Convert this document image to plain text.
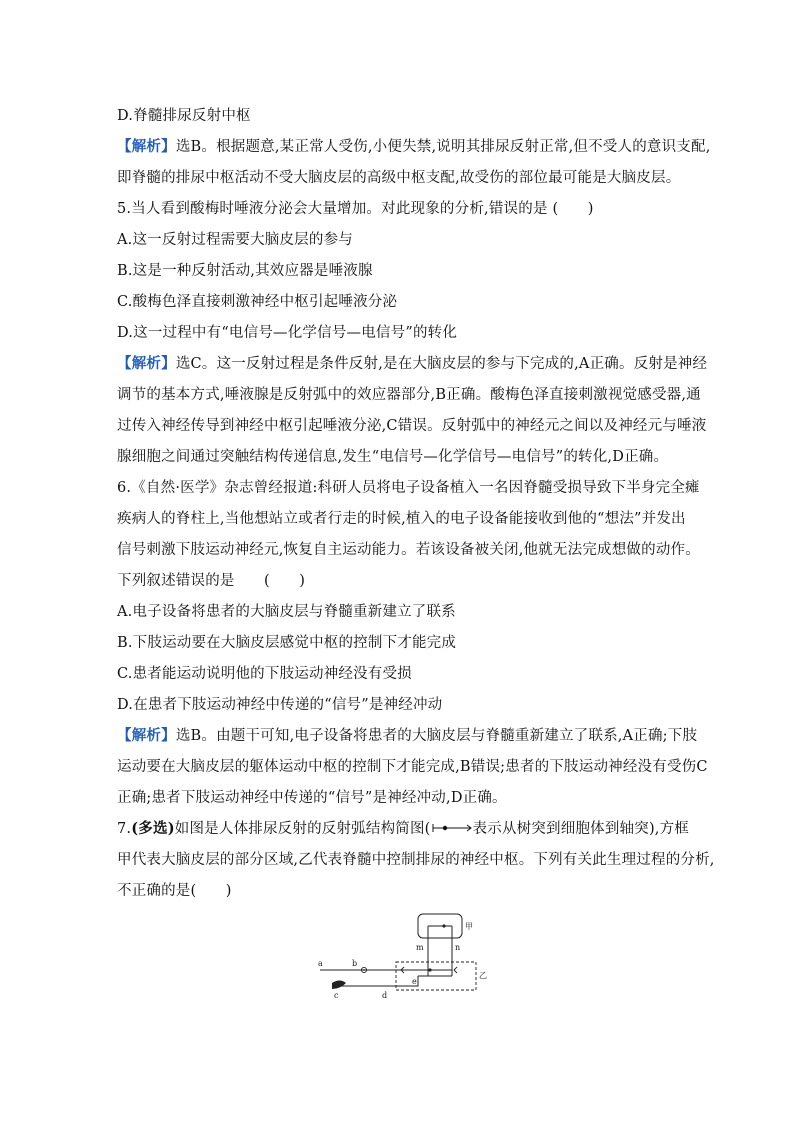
D.脊髓排尿反射中枢
【解析】选B。根据题意,某正常人受伤,小便失禁,说明其排尿反射正常,但不受人的意识支配,
即脊髓的排尿中枢活动不受大脑皮层的高级中枢支配,故受伤的部位最可能是大脑皮层。
5.当人看到酸梅时唾液分泌会大量增加。对此现象的分析,错误的是 (　　)
A.这一反射过程需要大脑皮层的参与
B.这是一种反射活动,其效应器是唾液腺
C.酸梅色泽直接刺激神经中枢引起唾液分泌
D.这一过程中有“电信号—化学信号—电信号”的转化
【解析】选C。这一反射过程是条件反射,是在大脑皮层的参与下完成的,A正确。反射是神经
调节的基本方式,唾液腺是反射弧中的效应器部分,B正确。酸梅色泽直接刺激视觉感受器,通
过传入神经传导到神经中枢引起唾液分泌,C错误。反射弧中的神经元之间以及神经元与唾液
腺细胞之间通过突触结构传递信息,发生“电信号—化学信号—电信号”的转化,D正确。
6.《自然·医学》杂志曾经报道:科研人员将电子设备植入一名因脊髓受损导致下半身完全瘫
痪病人的脊柱上,当他想站立或者行走的时候,植入的电子设备能接收到他的“想法”并发出
信号刺激下肢运动神经元,恢复自主运动能力。若该设备被关闭,他就无法完成想做的动作。
下列叙述错误的是　　(　　)
A.电子设备将患者的大脑皮层与脊髓重新建立了联系
B.下肢运动要在大脑皮层感觉中枢的控制下才能完成
C.患者能运动说明他的下肢运动神经没有受损
D.在患者下肢运动神经中传递的“信号”是神经冲动
【解析】选B。由题干可知,电子设备将患者的大脑皮层与脊髓重新建立了联系,A正确;下肢
运动要在大脑皮层的躯体运动中枢的控制下才能完成,B错误;患者的下肢运动神经没有受伤C
正确;患者下肢运动神经中传递的“信号”是神经冲动,D正确。
7.(多选)如图是人体排尿反射的反射弧结构简图(	表示从树突到细胞体到轴突),方框
甲代表大脑皮层的部分区域,乙代表脊髓中控制排尿的神经中枢。下列有关此生理过程的分析,
不正确的是(　　)
a	b
c	d
e
m	n
甲
乙
